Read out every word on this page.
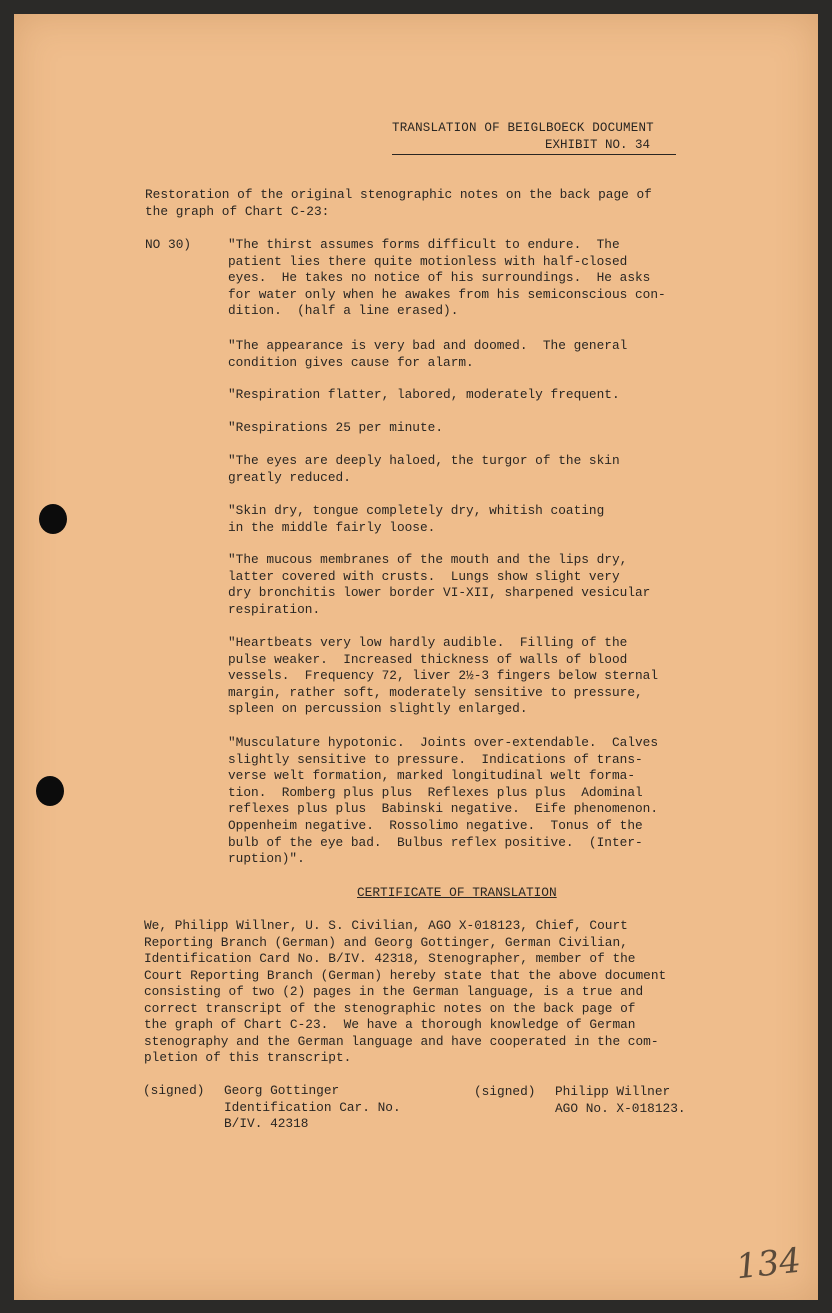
TRANSLATION OF BEIGLBOECK DOCUMENT
EXHIBIT NO. 34
Restoration of the original stenographic notes on the back page of
the graph of Chart C-23:
NO 30)	"The thirst assumes forms difficult to endure.  The
patient lies there quite motionless with half-closed
eyes.  He takes no notice of his surroundings.  He asks
for water only when he awakes from his semiconscious con-
dition.  (half a line erased).
"The appearance is very bad and doomed.  The general
condition gives cause for alarm.
"Respiration flatter, labored, moderately frequent.
"Respirations 25 per minute.
"The eyes are deeply haloed, the turgor of the skin
greatly reduced.
"Skin dry, tongue completely dry, whitish coating
in the middle fairly loose.
"The mucous membranes of the mouth and the lips dry,
latter covered with crusts.  Lungs show slight very
dry bronchitis lower border VI-XII, sharpened vesicular
respiration.
"Heartbeats very low hardly audible.  Filling of the
pulse weaker.  Increased thickness of walls of blood
vessels.  Frequency 72, liver 2½-3 fingers below sternal
margin, rather soft, moderately sensitive to pressure,
spleen on percussion slightly enlarged.
"Musculature hypotonic.  Joints over-extendable.  Calves
slightly sensitive to pressure.  Indications of trans-
verse welt formation, marked longitudinal welt forma-
tion.  Romberg plus plus  Reflexes plus plus  Adominal
reflexes plus plus  Babinski negative.  Eife phenomenon.
Oppenheim negative.  Rossolimo negative.  Tonus of the
bulb of the eye bad.  Bulbus reflex positive.  (Inter-
ruption)".
CERTIFICATE OF TRANSLATION
We, Philipp Willner, U. S. Civilian, AGO X-018123, Chief, Court
Reporting Branch (German) and Georg Gottinger, German Civilian,
Identification Card No. B/IV. 42318, Stenographer, member of the
Court Reporting Branch (German) hereby state that the above document
consisting of two (2) pages in the German language, is a true and
correct transcript of the stenographic notes on the back page of
the graph of Chart C-23.  We have a thorough knowledge of German
stenography and the German language and have cooperated in the com-
pletion of this transcript.
(signed) Georg Gottinger
Identification Car. No.
B/IV. 42318
(signed) Philipp Willner
AGO No. X-018123.
134
